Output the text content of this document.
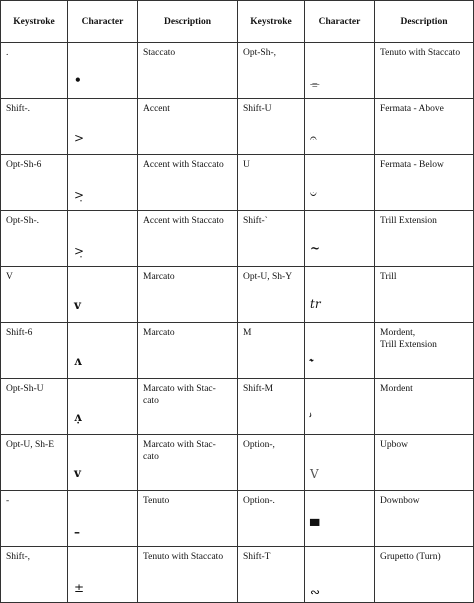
Keystroke	Character	Description	Keystroke	Character	Description

.	•	Staccato	Opt-Sh-,	⌯	Tenuto with Staccato

Shift-.	>	Accent	Shift-U	𝄐	Fermata - Above

Opt-Sh-6	>̣	Accent with Staccato	U	𝄑	Fermata - Below

Opt-Sh-.	>̣	Accent with Staccato	Shift-`	~	Trill Extension

V	v	Marcato	Opt-U, Sh-Y	tr	Trill

Shift-6	ʌ	Marcato	M	𝆝	Mordent,
Trill Extension

Opt-Sh-U	ʌ̣	Marcato with Stac-
cato	Shift-M	𝆞	Mordent

Opt-U, Sh-E	v	Marcato with Stac-
cato	Option-,	V	Upbow

-	–	Tenuto	Option-.	▀	Downbow

Shift-,	±	Tenuto with Staccato	Shift-T	∾	Grupetto (Turn)
